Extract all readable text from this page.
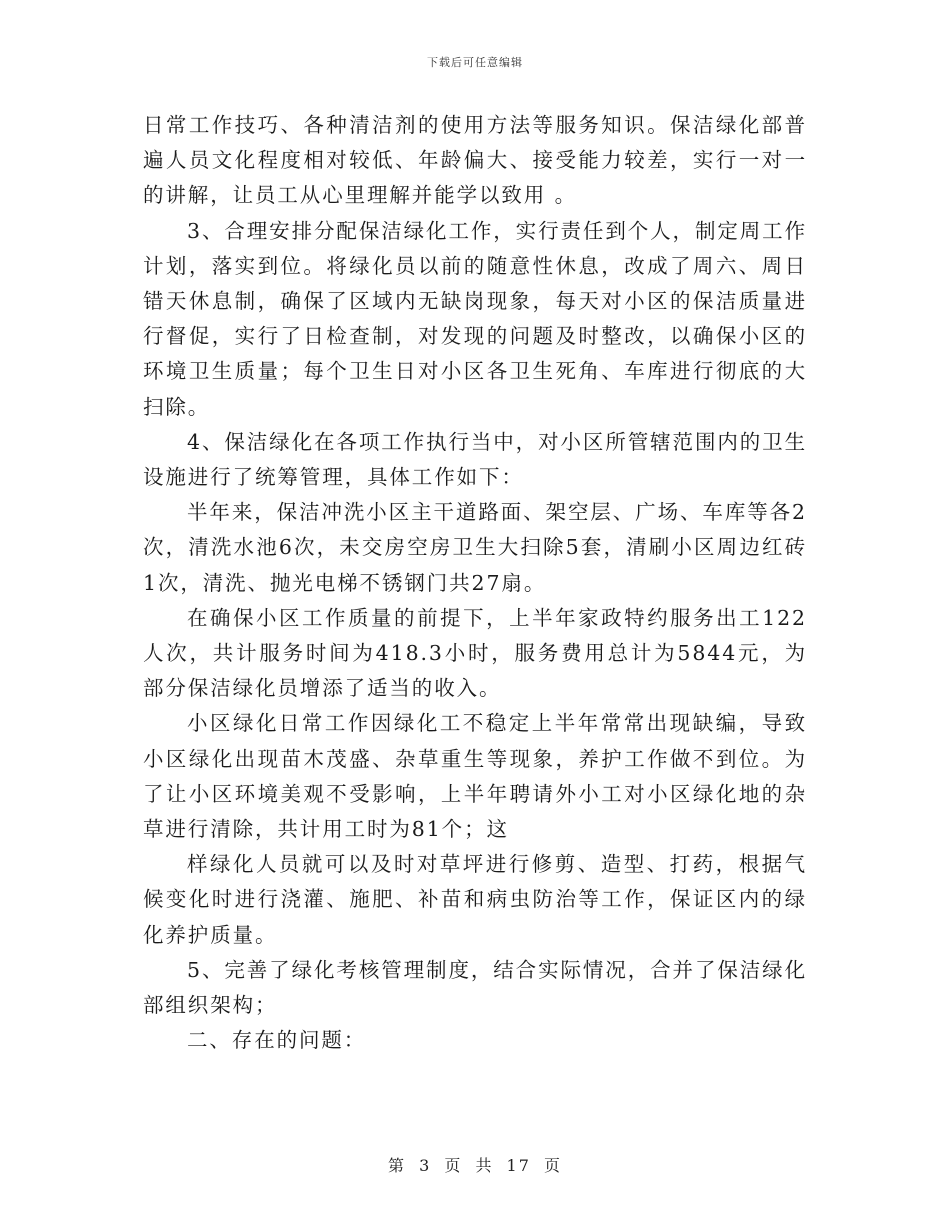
下载后可任意编辑

日常工作技巧、各种清洁剂的使用方法等服务知识。保洁绿化部普遍人员文化程度相对较低、年龄偏大、接受能力较差，实行一对一的讲解，让员工从心里理解并能学以致用 。

3、合理安排分配保洁绿化工作，实行责任到个人，制定周工作计划，落实到位。将绿化员以前的随意性休息，改成了周六、周日错天休息制，确保了区域内无缺岗现象，每天对小区的保洁质量进行督促，实行了日检查制，对发现的问题及时整改，以确保小区的环境卫生质量；每个卫生日对小区各卫生死角、车库进行彻底的大扫除。

4、保洁绿化在各项工作执行当中，对小区所管辖范围内的卫生设施进行了统筹管理，具体工作如下：

半年来，保洁冲洗小区主干道路面、架空层、广场、车库等各2次，清洗水池6次，未交房空房卫生大扫除5套，清刷小区周边红砖1次，清洗、抛光电梯不锈钢门共27扇。

在确保小区工作质量的前提下，上半年家政特约服务出工122人次，共计服务时间为418.3小时，服务费用总计为5844元，为部分保洁绿化员增添了适当的收入。

小区绿化日常工作因绿化工不稳定上半年常常出现缺编，导致小区绿化出现苗木茂盛、杂草重生等现象，养护工作做不到位。为了让小区环境美观不受影响，上半年聘请外小工对小区绿化地的杂草进行清除，共计用工时为81个；这

样绿化人员就可以及时对草坪进行修剪、造型、打药，根据气候变化时进行浇灌、施肥、补苗和病虫防治等工作，保证区内的绿化养护质量。

5、完善了绿化考核管理制度，结合实际情况，合并了保洁绿化部组织架构；

二、存在的问题：

第 3 页 共 17 页
